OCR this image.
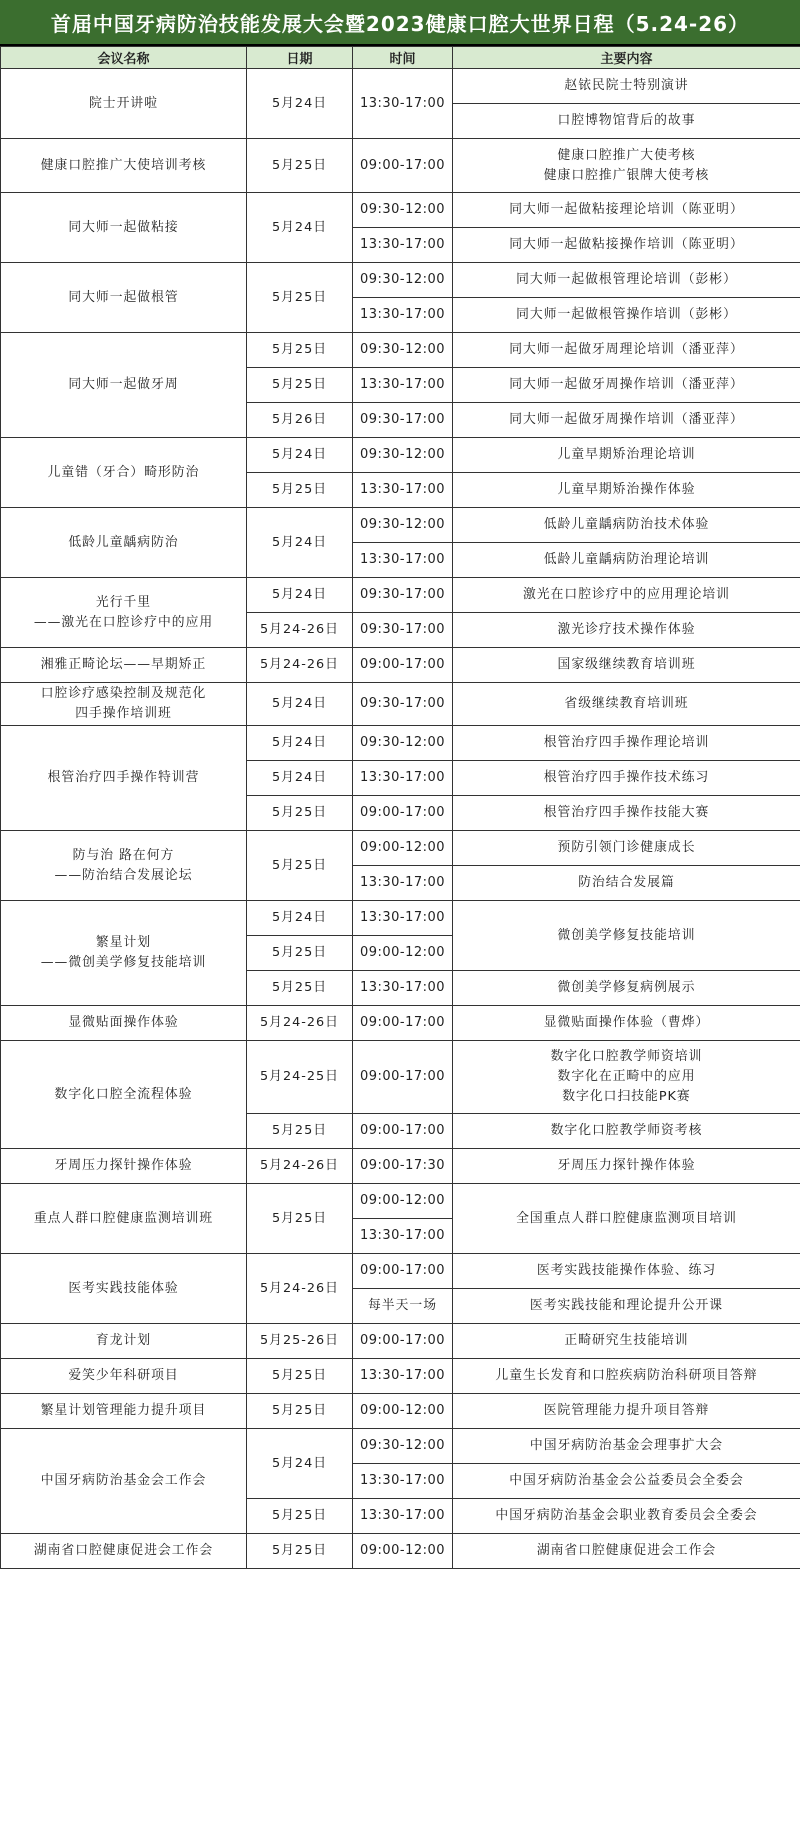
首届中国牙病防治技能发展大会暨2023健康口腔大世界日程（5.24-26）
会议名称	日期	时间	主要内容

院士开讲啦	5月24日	13:30-17:00	赵铱民院士特别演讲

			口腔博物馆背后的故事

健康口腔推广大使培训考核	5月25日	09:00-17:00	健康口腔推广大使考核
健康口腔推广银牌大使考核

同大师一起做粘接	5月24日	09:30-12:00	同大师一起做粘接理论培训（陈亚明）

		13:30-17:00	同大师一起做粘接操作培训（陈亚明）

同大师一起做根管	5月25日	09:30-12:00	同大师一起做根管理论培训（彭彬）

		13:30-17:00	同大师一起做根管操作培训（彭彬）

同大师一起做牙周	5月25日	09:30-12:00	同大师一起做牙周理论培训（潘亚萍）

	5月25日	13:30-17:00	同大师一起做牙周操作培训（潘亚萍）

	5月26日	09:30-17:00	同大师一起做牙周操作培训（潘亚萍）

儿童错（牙合）畸形防治	5月24日	09:30-12:00	儿童早期矫治理论培训

	5月25日	13:30-17:00	儿童早期矫治操作体验

低龄儿童龋病防治	5月24日	09:30-12:00	低龄儿童龋病防治技术体验

		13:30-17:00	低龄儿童龋病防治理论培训

光行千里
——激光在口腔诊疗中的应用	5月24日	09:30-17:00	激光在口腔诊疗中的应用理论培训

	5月24-26日	09:30-17:00	激光诊疗技术操作体验

湘雅正畸论坛——早期矫正	5月24-26日	09:00-17:00	国家级继续教育培训班

口腔诊疗感染控制及规范化
四手操作培训班	5月24日	09:30-17:00	省级继续教育培训班

根管治疗四手操作特训营	5月24日	09:30-12:00	根管治疗四手操作理论培训

	5月24日	13:30-17:00	根管治疗四手操作技术练习

	5月25日	09:00-17:00	根管治疗四手操作技能大赛

防与治 路在何方
——防治结合发展论坛	5月25日	09:00-12:00	预防引领门诊健康成长

		13:30-17:00	防治结合发展篇

繁星计划
——微创美学修复技能培训	5月24日	13:30-17:00	微创美学修复技能培训

	5月25日	09:00-12:00	

	5月25日	13:30-17:00	微创美学修复病例展示

显微贴面操作体验	5月24-26日	09:00-17:00	显微贴面操作体验（曹烨）

数字化口腔全流程体验	5月24-25日	09:00-17:00	数字化口腔教学师资培训
数字化在正畸中的应用
数字化口扫技能PK赛

	5月25日	09:00-17:00	数字化口腔教学师资考核

牙周压力探针操作体验	5月24-26日	09:00-17:30	牙周压力探针操作体验

重点人群口腔健康监测培训班	5月25日	09:00-12:00	全国重点人群口腔健康监测项目培训

		13:30-17:00	

医考实践技能体验	5月24-26日	09:00-17:00	医考实践技能操作体验、练习

		每半天一场	医考实践技能和理论提升公开课

育龙计划	5月25-26日	09:00-17:00	正畸研究生技能培训

爱笑少年科研项目	5月25日	13:30-17:00	儿童生长发育和口腔疾病防治科研项目答辩

繁星计划管理能力提升项目	5月25日	09:00-12:00	医院管理能力提升项目答辩

中国牙病防治基金会工作会	5月24日	09:30-12:00	中国牙病防治基金会理事扩大会

		13:30-17:00	中国牙病防治基金会公益委员会全委会

	5月25日	13:30-17:00	中国牙病防治基金会职业教育委员会全委会

湖南省口腔健康促进会工作会	5月25日	09:00-12:00	湖南省口腔健康促进会工作会
